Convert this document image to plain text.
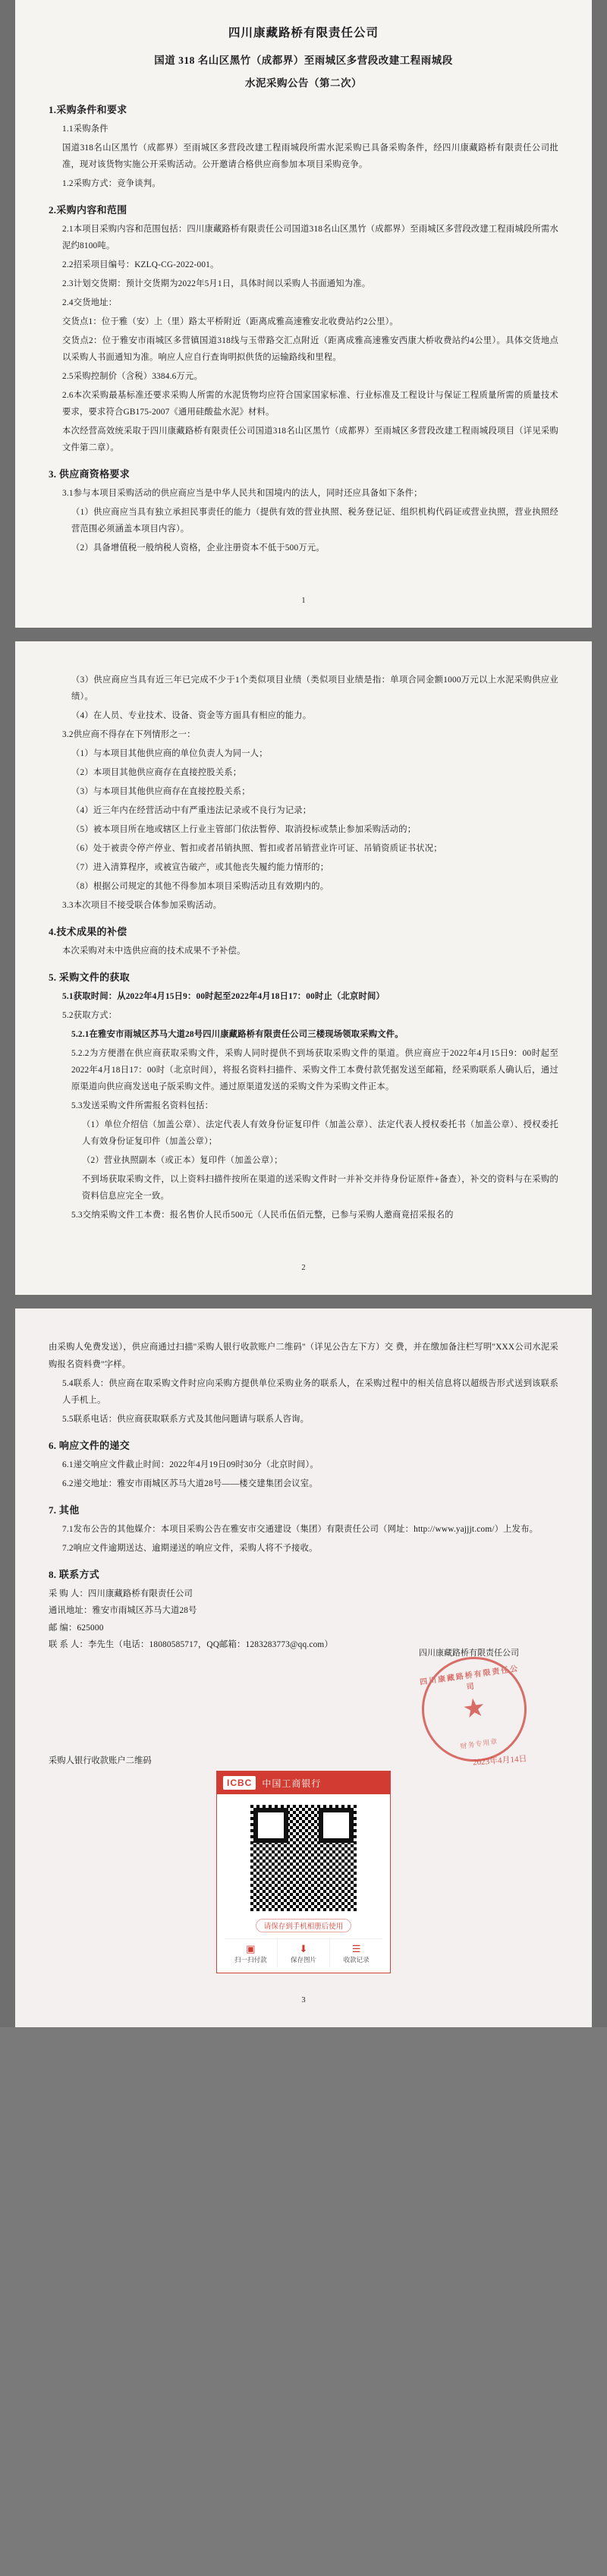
四川康藏路桥有限责任公司
国道 318 名山区黑竹（成都界）至雨城区多营段改建工程雨城段
水泥采购公告（第二次）
1.采购条件和要求

1.1采购条件

国道318名山区黑竹（成都界）至雨城区多营段改建工程雨城段所需水泥采购已具备采购条件，经四川康藏路桥有限责任公司批准，现对该货物实施公开采购活动。公开邀请合格供应商参加本项目采购竞争。

1.2采购方式：竞争谈判。

2.采购内容和范围

2.1本项目采购内容和范围包括：四川康藏路桥有限责任公司国道318名山区黑竹（成都界）至雨城区多营段改建工程雨城段所需水泥约8100吨。

2.2招采项目编号：KZLQ-CG-2022-001。

2.3计划交货期：预计交货期为2022年5月1日，具体时间以采购人书面通知为准。

2.4交货地址：

交货点1：位于雅（安）上（里）路太平桥附近（距离成雅高速雅安北收费站约2公里）。

交货点2：位于雅安市雨城区多营镇国道318线与玉带路交汇点附近（距离成雅高速雅安西康大桥收费站约4公里）。具体交货地点以采购人书面通知为准。响应人应自行查询明拟供货的运输路线和里程。

2.5采购控制价（含税）3384.6万元。

2.6本次采购最基标准还要求采购人所需的水泥货物均应符合国家国家标准、行业标准及工程设计与保证工程质量所需的质量技术要求，要求符合GB175-2007《通用硅酸盐水泥》材料。

本次经营高效统采取于四川康藏路桥有限责任公司国道318名山区黑竹（成都界）至雨城区多营段改建工程雨城段项目（详见采购文件第二章）。

3. 供应商资格要求

3.1参与本项目采购活动的供应商应当是中华人民共和国境内的法人，同时还应具备如下条件；

（1）供应商应当具有独立承担民事责任的能力（提供有效的营业执照、税务登记证、组织机构代码证或营业执照，营业执照经营范围必须涵盖本项目内容）。

（2）具备增值税一般纳税人资格，企业注册资本不低于500万元。

1

（3）供应商应当具有近三年已完成不少于1个类似项目业绩（类似项目业绩是指：单项合同金额1000万元以上水泥采购供应业绩）。

（4）在人员、专业技术、设备、资金等方面具有相应的能力。

3.2供应商不得存在下列情形之一：

（1）与本项目其他供应商的单位负责人为同一人；

（2）本项目其他供应商存在直接控股关系；

（3）与本项目其他供应商存在直接控股关系；

（4）近三年内在经营活动中有严重违法记录或不良行为记录；

（5）被本项目所在地或辖区上行业主管部门依法暂停、取消投标或禁止参加采购活动的；

（6）处于被责令停产停业、暂扣或者吊销执照、暂扣或者吊销营业许可证、吊销资质证书状况；

（7）进入清算程序，或被宣告破产，或其他丧失履约能力情形的；

（8）根据公司规定的其他不得参加本项目采购活动且有效期内的。

3.3本次项目不接受联合体参加采购活动。

4.技术成果的补偿

本次采购对未中选供应商的技术成果不予补偿。

5. 采购文件的获取

5.1获取时间：从2022年4月15日9：00时起至2022年4月18日17：00时止（北京时间）

5.2获取方式：

5.2.1在雅安市雨城区苏马大道28号四川康藏路桥有限责任公司三楼现场领取采购文件。

5.2.2为方便潜在供应商获取采购文件，采购人同时提供不到场获取采购文件的渠道。供应商应于2022年4月15日9：00时起至2022年4月18日17：00时（北京时间），将报名资料扫描件、采购文件工本费付款凭据发送至邮箱，经采购联系人确认后，通过原渠道向供应商发送电子版采购文件。通过原渠道发送的采购文件为采购文件正本。

5.3发送采购文件所需报名资料包括：

（1）单位介绍信（加盖公章）、法定代表人有效身份证复印件（加盖公章）、法定代表人授权委托书（加盖公章）、授权委托人有效身份证复印件（加盖公章）；

（2）营业执照副本（或正本）复印件（加盖公章）；

不到场获取采购文件，以上资料扫描件按所在渠道的送采购文件时一并补交并待身份证原件+备查），补交的资料与在采购的资料信息应完全一致。

5.3交纳采购文件工本费：报名售价人民币500元（人民币伍佰元整，已参与采购人邀商竟招采报名的

2

由采购人免费发送），供应商通过扫描"采购人银行收款账户二维码"（详见公告左下方）交 费，并在缴加备注栏写明"XXX公司水泥采购报名资料费"字样。

5.4联系人：供应商在取采购文件时应向采购方提供单位采购业务的联系人，在采购过程中的相关信息将以超级告形式送到该联系人手机上。

5.5联系电话：供应商获取联系方式及其他问题请与联系人咨询。

6. 响应文件的递交

6.1递交响应文件截止时间：2022年4月19日09时30分（北京时间）。

6.2递交地址：雅安市雨城区苏马大道28号——楼交建集团会议室。

7. 其他

7.1发布公告的其他媒介：本项目采购公告在雅安市交通建设（集团）有限责任公司（网址：http://www.yajjjt.com/）上发布。

7.2响应文件逾期送达、逾期递送的响应文件，采购人将不予接收。

8. 联系方式

采 购 人：四川康藏路桥有限责任公司

通讯地址：雅安市雨城区苏马大道28号

邮 编：625000

联 系 人：李先生（电话：18080585717，QQ邮箱：1283283773@qq.com）

四川康藏路桥有限责任公司
四川康藏路桥有限责任公司
★
财务专用章
2023年4月14日
采购人银行收款账户二维码
ICBC	中国工商银行
请保存到手机相册后使用
▣
扫一扫付款
⬇
保存图片
☰
收款记录
3
